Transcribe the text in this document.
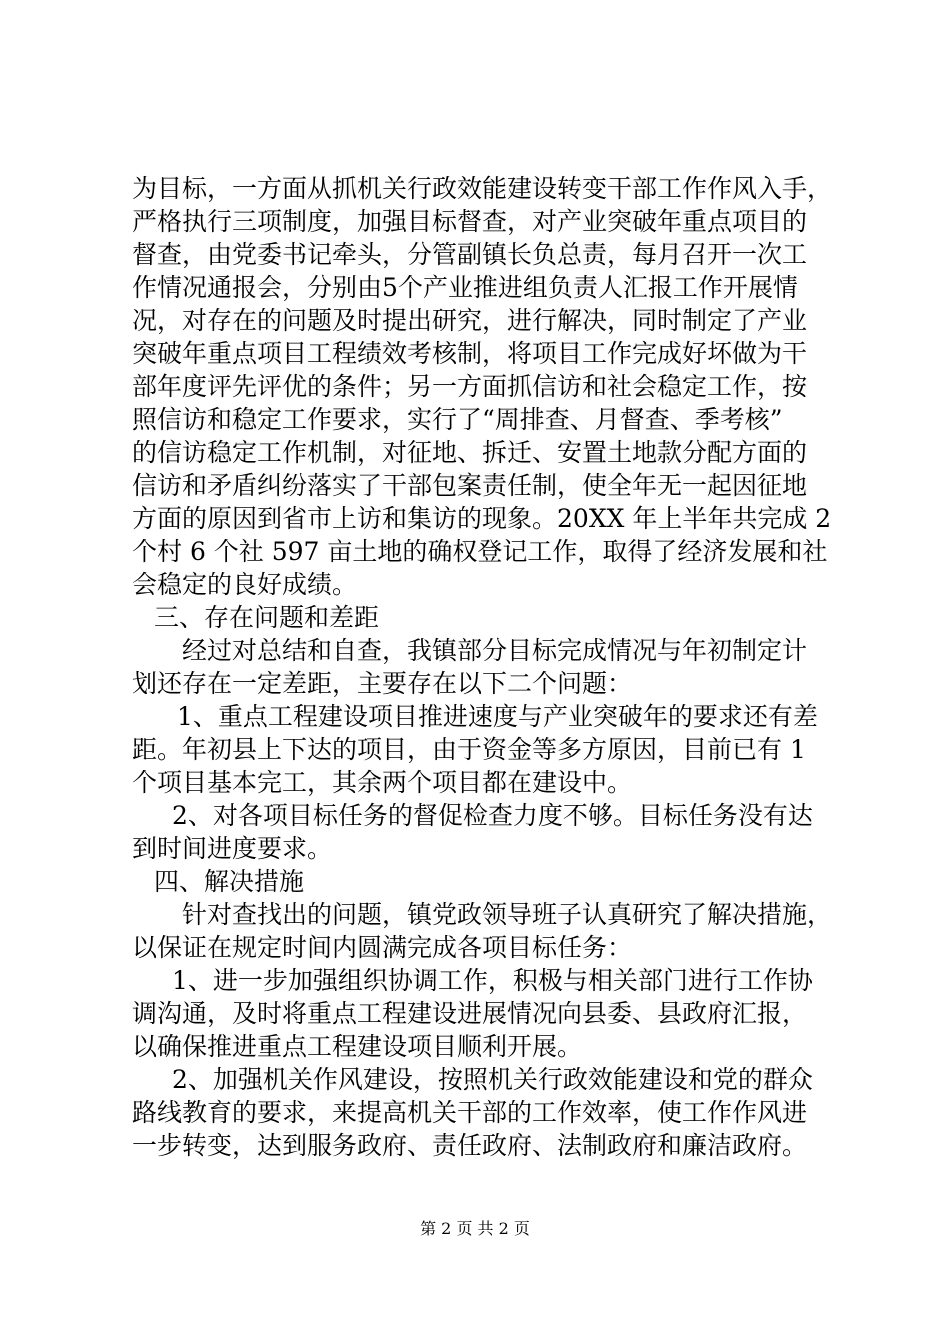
为目标，一方面从抓机关行政效能建设转变干部工作作风入手，
严格执行三项制度，加强目标督查，对产业突破年重点项目的
督查，由党委书记牵头，分管副镇长负总责，每月召开一次工
作情况通报会，分别由5个产业推进组负责人汇报工作开展情
况，对存在的问题及时提出研究，进行解决，同时制定了产业
突破年重点项目工程绩效考核制，将项目工作完成好坏做为干
部年度评先评优的条件；另一方面抓信访和社会稳定工作，按
照信访和稳定工作要求，实行了“周排查、月督查、季考核”
的信访稳定工作机制，对征地、拆迁、安置土地款分配方面的
信访和矛盾纠纷落实了干部包案责任制，使全年无一起因征地
方面的原因到省市上访和集访的现象。20XX 年上半年共完成 2
个村 6 个社 597 亩土地的确权登记工作，取得了经济发展和社
会稳定的良好成绩。
三、存在问题和差距
经过对总结和自查，我镇部分目标完成情况与年初制定计
划还存在一定差距，主要存在以下二个问题：
1、重点工程建设项目推进速度与产业突破年的要求还有差
距。年初县上下达的项目，由于资金等多方原因，目前已有 1
个项目基本完工，其余两个项目都在建设中。
2、对各项目标任务的督促检查力度不够。目标任务没有达
到时间进度要求。
四、解决措施
针对查找出的问题，镇党政领导班子认真研究了解决措施，
以保证在规定时间内圆满完成各项目标任务：
1、进一步加强组织协调工作，积极与相关部门进行工作协
调沟通，及时将重点工程建设进展情况向县委、县政府汇报，
以确保推进重点工程建设项目顺利开展。
2、加强机关作风建设，按照机关行政效能建设和党的群众
路线教育的要求，来提高机关干部的工作效率，使工作作风进
一步转变，达到服务政府、责任政府、法制政府和廉洁政府。
第 2 页 共 2 页
